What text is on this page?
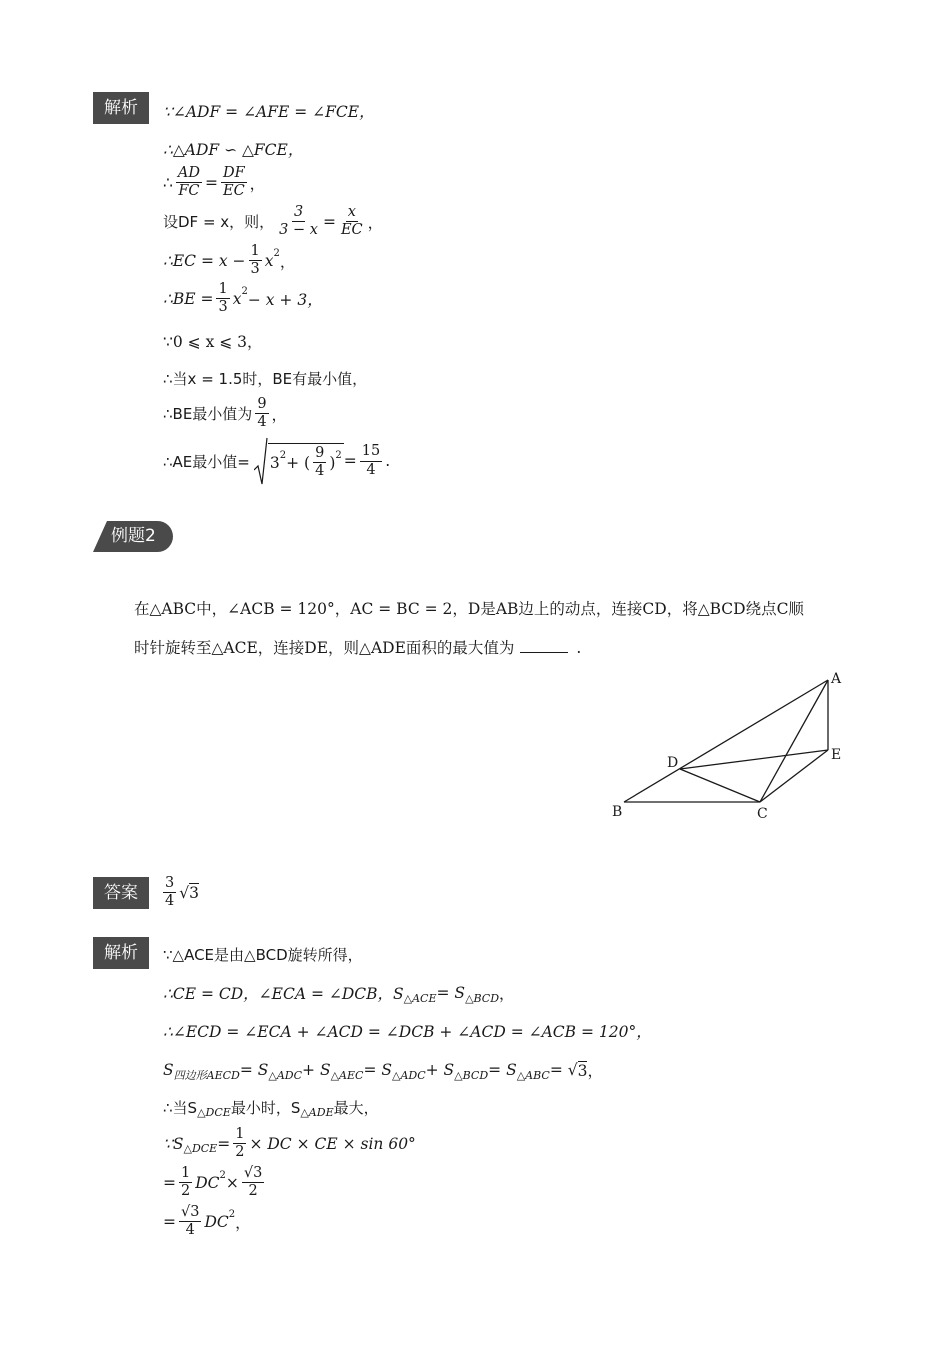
解析	∵∠ADF = ∠AFE = ∠FCE，
∴△ADF ∽ △FCE，
∴ $\frac{AD}{FC} = \frac{DF}{EC}$ ，
设DF = x，则， $\frac{3}{3 - x} = \frac{x}{EC}$ ，
∴EC = $x - \frac{1}{3}$ x 2 ，
∴BE = $\frac{1}{3}$ x 2 − x + 3，
∵0 ⩽ x ⩽ 3，
∴当x = 1.5时，BE有最小值，
∴BE最小值为 $\frac{9}{4}$ ，
∴AE最小值= 3 2 + ( $\frac{9}{4}$ ) $2 = \frac{15}{4}$ .
例题2
在△ABC中，∠ACB = 120°，AC = BC = 2，D是AB边上的动点，连接CD，将△BCD绕点C顺
时针旋转至△ACE，连接DE，则△ADE面积的最大值为	.
A
B	C
D	E
答案	$\frac{3}{4}$ √ 3
解析	∵△ACE是由△BCD旋转所得，
∴CE = CD，∠ECA = ∠DCB，S △ACE = S △BCD ，
∴∠ECD = ∠ECA + ∠ACD = ∠DCB + ∠ACD = ∠ACB = 120°，
S 四边形AECD = S △ADC + S △AEC = S △ADC + S △BCD = S △ABC = √ 3 ，
∴当S △DCE 最小时，S △ADE 最大，
∵S △DCE = $\frac{1}{2}$ × DC × CE × sin 60°
= $\frac{1}{2}$ DC $2 \times \frac{√3}{2}$
= $\frac{√3}{4}$ DC 2 ，
